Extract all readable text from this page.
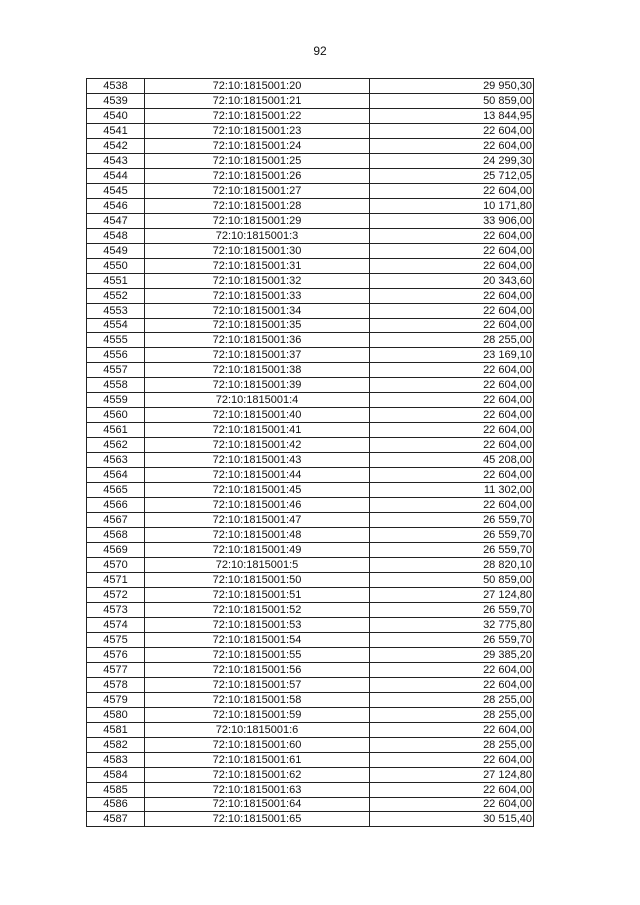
92
4538	72:10:1815001:20	29 950,30
4539	72:10:1815001:21	50 859,00
4540	72:10:1815001:22	13 844,95
4541	72:10:1815001:23	22 604,00
4542	72:10:1815001:24	22 604,00
4543	72:10:1815001:25	24 299,30
4544	72:10:1815001:26	25 712,05
4545	72:10:1815001:27	22 604,00
4546	72:10:1815001:28	10 171,80
4547	72:10:1815001:29	33 906,00
4548	72:10:1815001:3	22 604,00
4549	72:10:1815001:30	22 604,00
4550	72:10:1815001:31	22 604,00
4551	72:10:1815001:32	20 343,60
4552	72:10:1815001:33	22 604,00
4553	72:10:1815001:34	22 604,00
4554	72:10:1815001:35	22 604,00
4555	72:10:1815001:36	28 255,00
4556	72:10:1815001:37	23 169,10
4557	72:10:1815001:38	22 604,00
4558	72:10:1815001:39	22 604,00
4559	72:10:1815001:4	22 604,00
4560	72:10:1815001:40	22 604,00
4561	72:10:1815001:41	22 604,00
4562	72:10:1815001:42	22 604,00
4563	72:10:1815001:43	45 208,00
4564	72:10:1815001:44	22 604,00
4565	72:10:1815001:45	11 302,00
4566	72:10:1815001:46	22 604,00
4567	72:10:1815001:47	26 559,70
4568	72:10:1815001:48	26 559,70
4569	72:10:1815001:49	26 559,70
4570	72:10:1815001:5	28 820,10
4571	72:10:1815001:50	50 859,00
4572	72:10:1815001:51	27 124,80
4573	72:10:1815001:52	26 559,70
4574	72:10:1815001:53	32 775,80
4575	72:10:1815001:54	26 559,70
4576	72:10:1815001:55	29 385,20
4577	72:10:1815001:56	22 604,00
4578	72:10:1815001:57	22 604,00
4579	72:10:1815001:58	28 255,00
4580	72:10:1815001:59	28 255,00
4581	72:10:1815001:6	22 604,00
4582	72:10:1815001:60	28 255,00
4583	72:10:1815001:61	22 604,00
4584	72:10:1815001:62	27 124,80
4585	72:10:1815001:63	22 604,00
4586	72:10:1815001:64	22 604,00
4587	72:10:1815001:65	30 515,40
